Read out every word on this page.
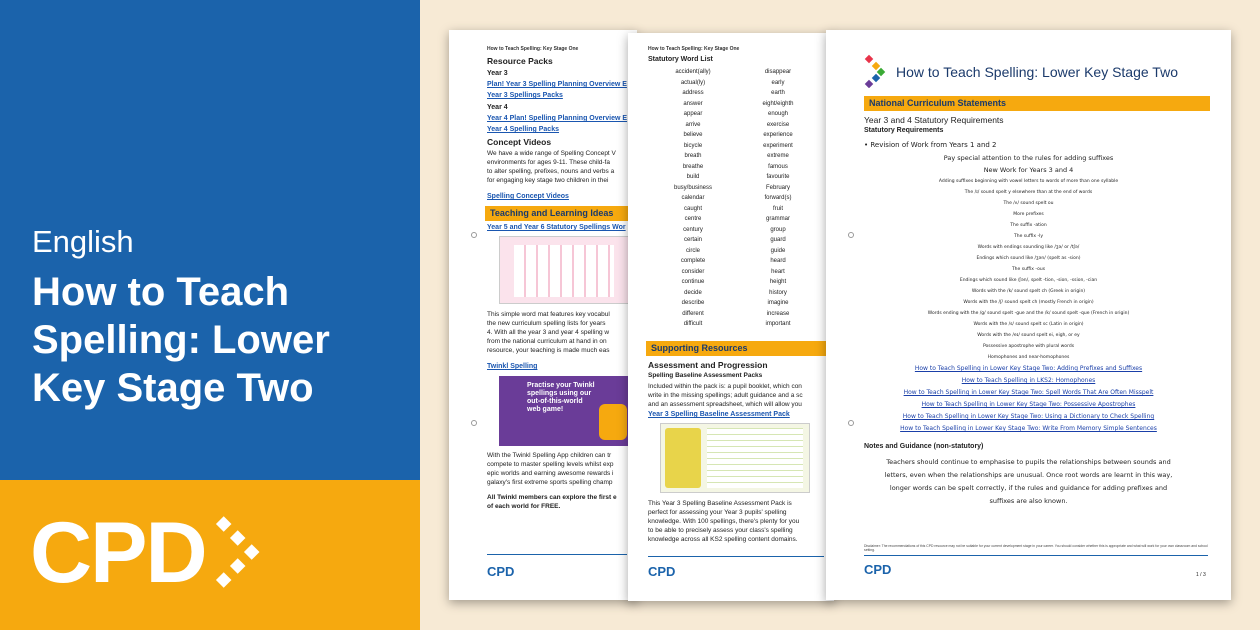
English
How to Teach Spelling: Lower Key Stage Two
CPD
How to Teach Spelling: Key Stage One
Resource Packs
Year 3
Plan! Year 3 Spelling Planning Overview E
Year 3 Spellings Packs
Year 4
Year 4 Plan! Spelling Planning Overview E
Year 4 Spelling Packs
Concept Videos
We have a wide range of Spelling Concept V
environments for ages 9-11. These child-fa
to alter spelling, prefixes, nouns and verbs a
for engaging key stage two children in thei
Spelling Concept Videos
Teaching and Learning Ideas
Year 5 and Year 6 Statutory Spellings Wor
This simple word mat features key vocabul
the new curriculum spelling lists for years
4. With all the year 3 and year 4 spelling w
from the national curriculum at hand in on
resource, your teaching is made much eas
Twinkl Spelling
Practise your Twinkl
spellings using our
out-of-this-world
web game!
With the Twinkl Spelling App children can tr
compete to master spelling levels whilst exp
epic worlds and earning awesome rewards i
galaxy's first extreme sports spelling champ
All Twinkl members can explore the first e
of each world for FREE.
CPD
How to Teach Spelling: Key Stage One
Statutory Word List
accident(ally)
actual(ly)
address
answer
appear
arrive
believe
bicycle
breath
breathe
build
busy/business
calendar
caught
centre
century
certain
circle
complete
consider
continue
decide
describe
different
difficult
disappear
early
earth
eight/eighth
enough
exercise
experience
experiment
extreme
famous
favourite
February
forward(s)
fruit
grammar
group
guard
guide
heard
heart
height
history
imagine
increase
important
Supporting Resources
Assessment and Progression
Spelling Baseline Assessment Packs
Included within the pack is: a pupil booklet, which con
write in the missing spellings; adult guidance and a sc
and an assessment spreadsheet, which will allow you
Year 3 Spelling Baseline Assessment Pack
This Year 3 Spelling Baseline Assessment Pack is
perfect for assessing your Year 3 pupils' spelling
knowledge. With 100 spellings, there's plenty for you
to be able to precisely assess your class's spelling
knowledge across all KS2 spelling content domains.
CPD
How to Teach Spelling: Lower Key Stage Two
National Curriculum Statements
Year 3 and 4 Statutory Requirements
Statutory Requirements
• Revision of Work from Years 1 and 2
Pay special attention to the rules for adding suffixes
New Work for Years 3 and 4
Adding suffixes beginning with vowel letters to words of more than one syllable
The /ɪ/ sound spelt y elsewhere than at the end of words
The /ʌ/ sound spelt ou
More prefixes
The suffix -ation
The suffix -ly
Words with endings sounding like /ʒə/ or /tʃə/
Endings which sound like /ʒən/ (spelt as -sion)
The suffix -ous
Endings which sound like /ʃən/, spelt -tion, -sion, -ssion, -cian
Words with the /k/ sound spelt ch (Greek in origin)
Words with the /ʃ/ sound spelt ch (mostly French in origin)
Words ending with the /g/ sound spelt -gue and the /k/ sound spelt -que (French in origin)
Words with the /s/ sound spelt sc (Latin in origin)
Words with the /eɪ/ sound spelt ei, eigh, or ey
Possessive apostrophe with plural words
Homophones and near-homophones
How to Teach Spelling in Lower Key Stage Two: Adding Prefixes and Suffixes
How to Teach Spelling in LKS2: Homophones
How to Teach Spelling in Lower Key Stage Two: Spell Words That Are Often Misspelt
How to Teach Spelling in Lower Key Stage Two: Possessive Apostrophes
How to Teach Spelling in Lower Key Stage Two: Using a Dictionary to Check Spelling
How to Teach Spelling in Lower Key Stage Two: Write From Memory Simple Sentences
Notes and Guidance (non-statutory)
Teachers should continue to emphasise to pupils the relationships between sounds and
letters, even when the relationships are unusual. Once root words are learnt in this way,
longer words can be spelt correctly, if the rules and guidance for adding prefixes and
suffixes are also known.
Disclaimer: The recommendations of this CPD resource may not be suitable for your current development stage in your career. You should consider whether this is appropriate and what will work for your own classroom and school setting.
CPD	1 / 3
